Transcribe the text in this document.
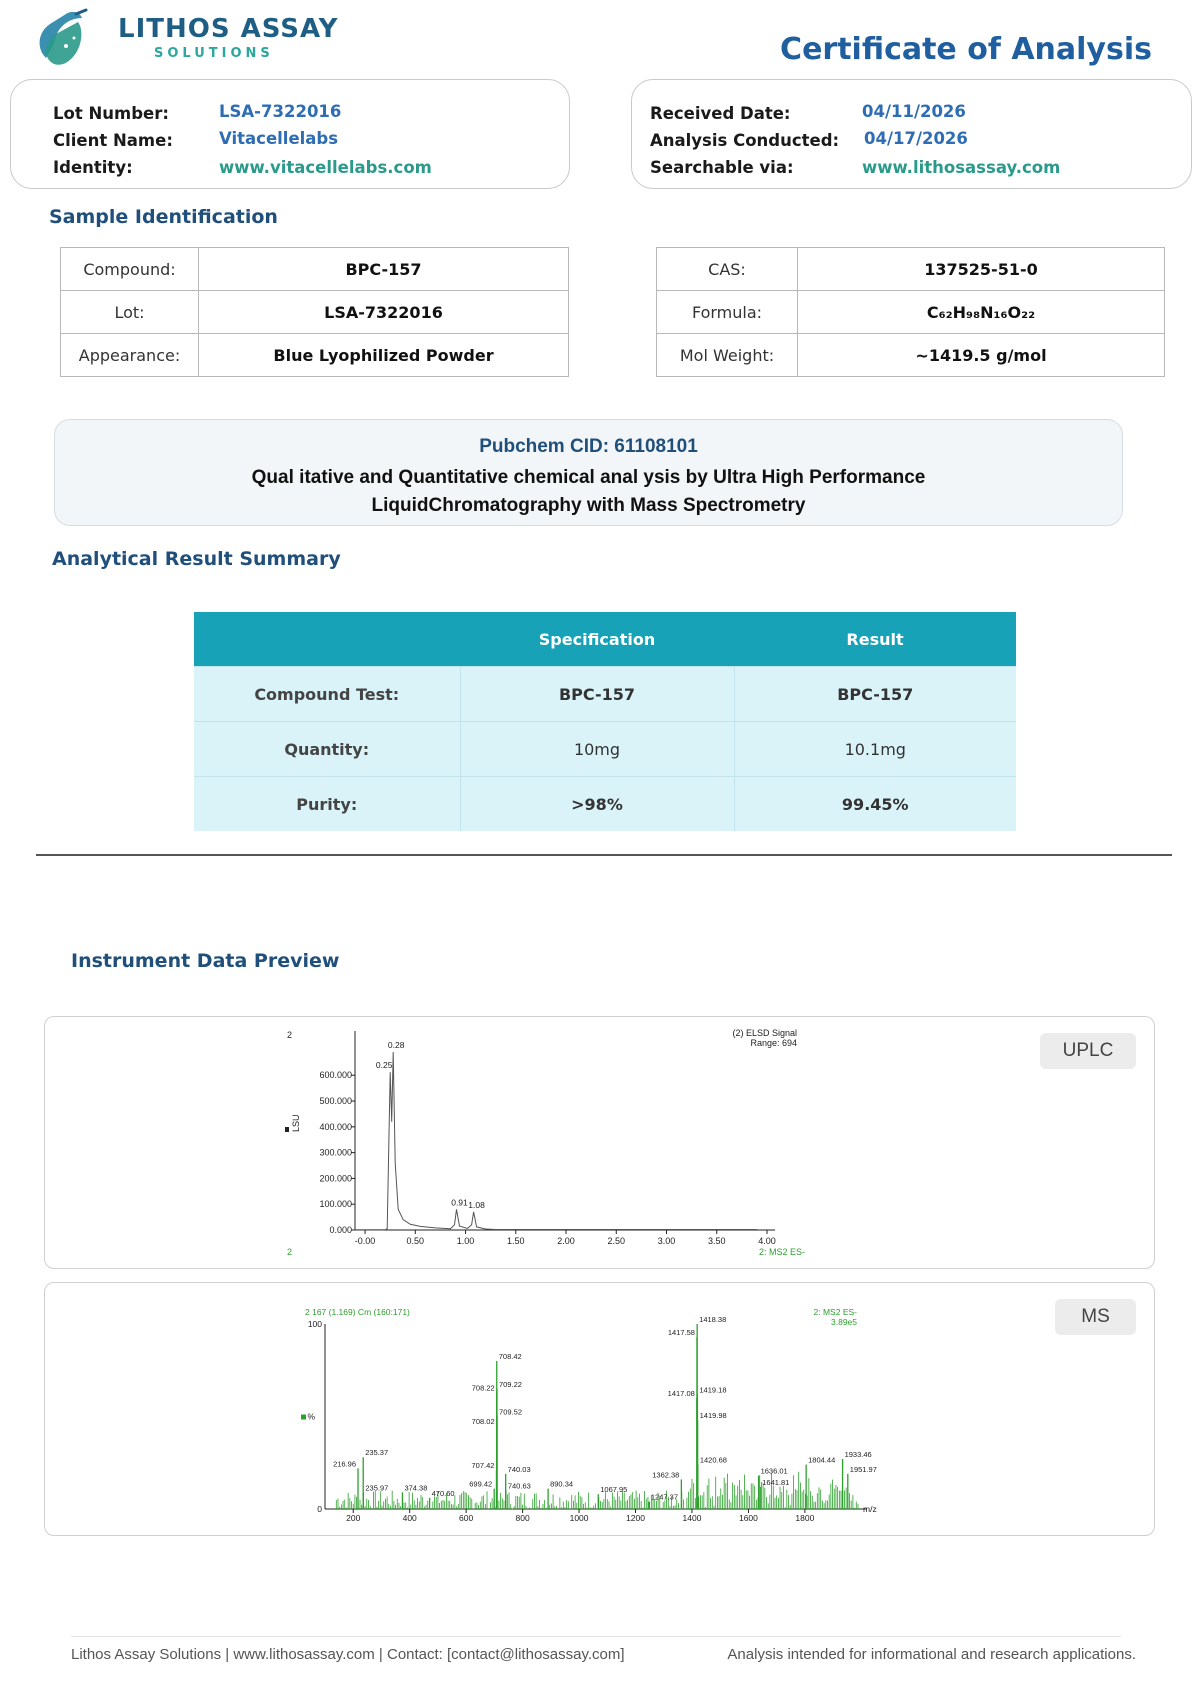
LITHOS ASSAY
SOLUTIONS	Certificate of Analysis
Lot Number:	LSA-7322016
Client Name:	Vitacellelabs
Identity:	www.vitacellelabs.com
Received Date:	04/11/2026
Analysis Conducted: 04/17/2026
Searchable via:	www.lithosassay.com
Sample Identification
Compound:	BPC-157
Lot:	LSA-7322016
Appearance:	Blue Lyophilized Powder
CAS:	137525-51-0
Formula:	C₆₂H₉₈N₁₆O₂₂
Mol Weight:	~1419.5 g/mol
Pubchem CID: 61108101
Qual itative and Quantitative chemical anal ysis by Ultra High Performance LiquidChromatography with Mass Spectrometry
Analytical Result Summary
	Specification	Result
Compound Test:	BPC-157	BPC-157
Quantity:	10mg	10.1mg
Purity:	>98%	99.45%
Instrument Data Preview
0.000
100.000
200.000
300.000
400.000
500.000
600.000
-0.00	0.50	1.00	1.50	2.00	2.50	3.00	3.50	4.00
2
LSU
(2) ELSD Signal
Range: 694
2: MS2 ES-
2
0.25
0.28
0.91 1.08
UPLC
0
100
200	400	600	800	1000	1200	1400	1600	1800
m/z
%
2 167 (1.169) Cm (160:171)	2: MS2 ES-
3.89e5
216.96
235.37
235.97 374.38
470.60
699.42
707.42
708.02
708.22
708.42
709.22
709.52
740.03
740.63	890.34
1067.95
1247.37
1362.38
1417.08
1417.58
1418.38
1419.18
1419.98
1420.68
1636.01
1641.81
1804.44
1933.46
1951.97
MS
Lithos Assay Solutions | www.lithosassay.com | Contact: [contact@lithosassay.com]	Analysis intended for informational and research applications.
